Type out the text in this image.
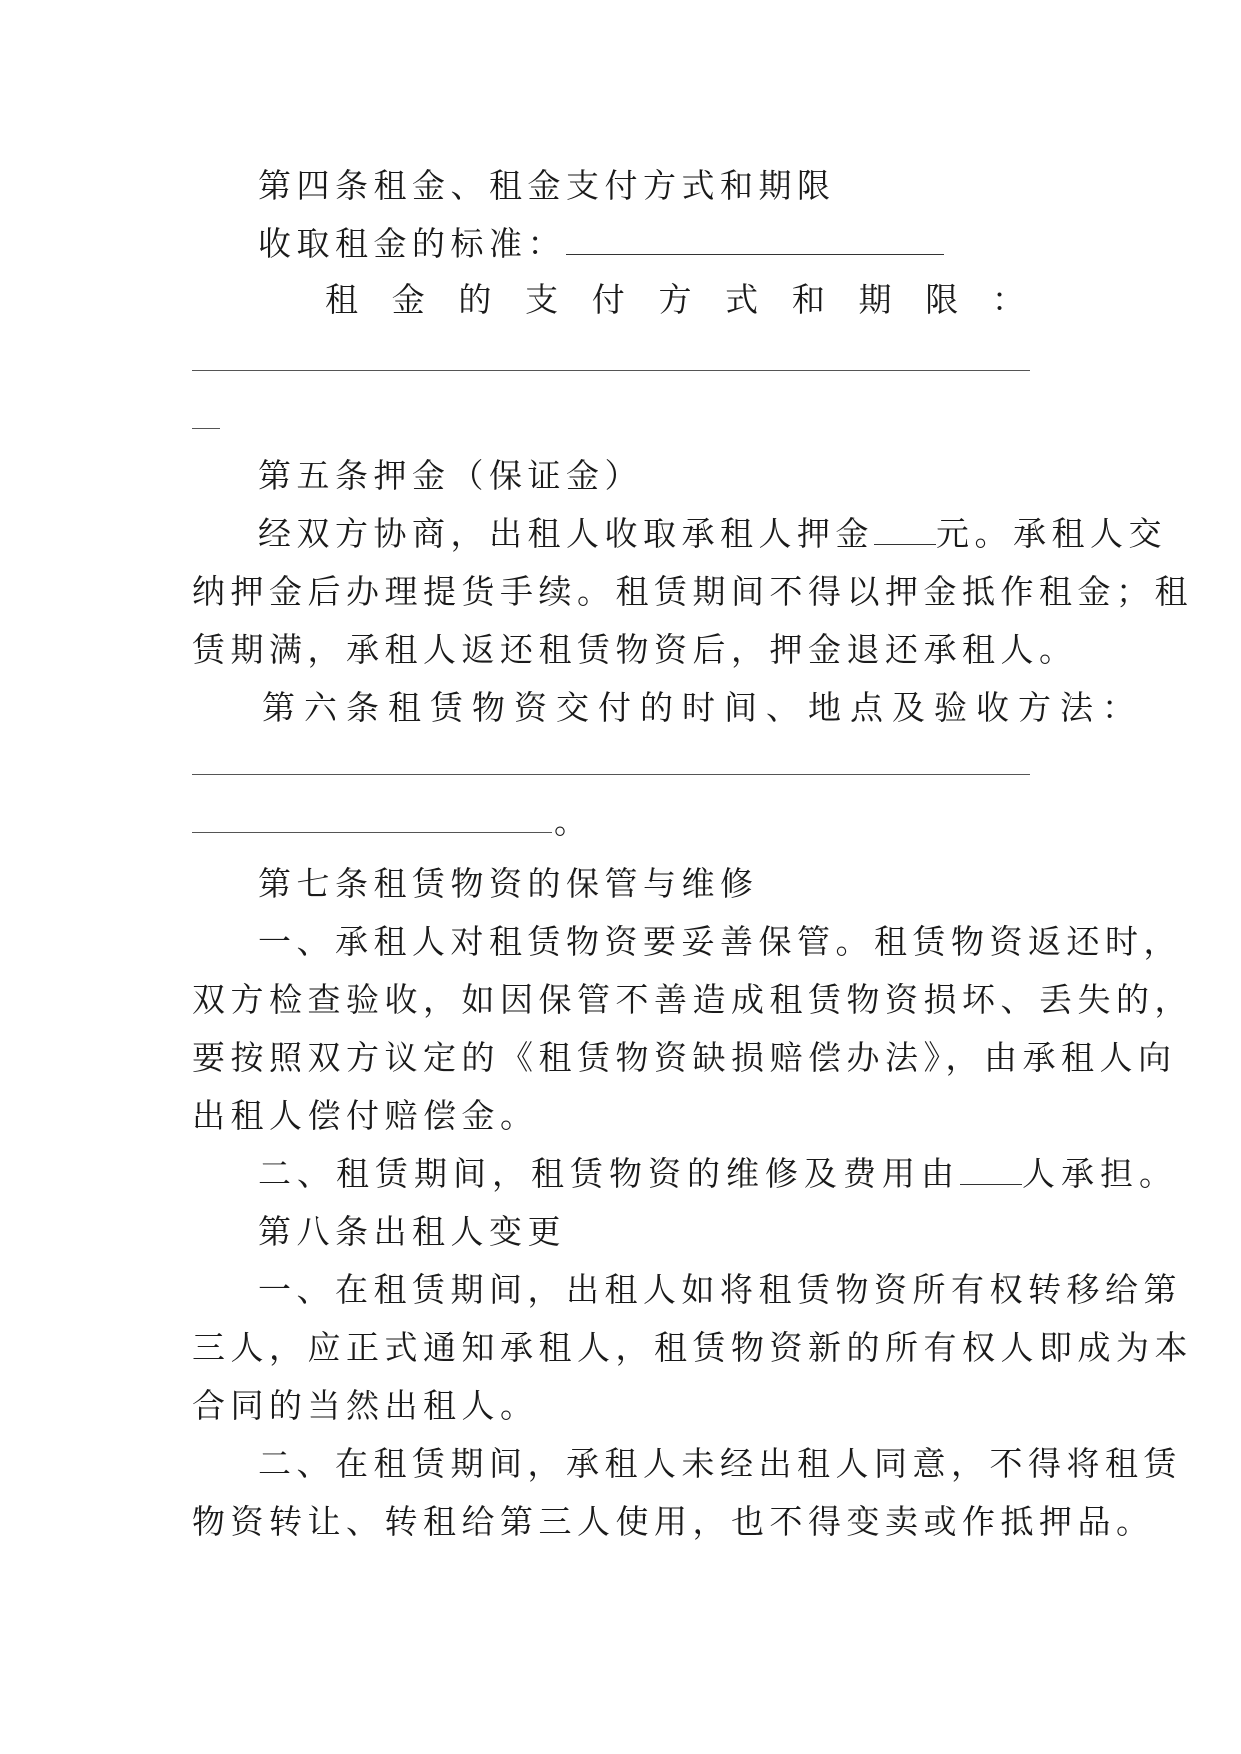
第四条租金、租金支付方式和期限
收取租金的标准：
租 金 的 支 付 方 式 和 期 限 ：
第五条押金（保证金）
经双方协商，出租人收取承租人押金 元。承租人交
纳押金后办理提货手续。租赁期间不得以押金抵作租金；租
赁期满，承租人返还租赁物资后，押金退还承租人。
第六条租赁物资交付的时间、地点及验收方法：
。
第七条租赁物资的保管与维修
一、承租人对租赁物资要妥善保管。租赁物资返还时，
双方检查验收，如因保管不善造成租赁物资损坏、丢失的，
要按照双方议定的《租赁物资缺损赔偿办法》，由承租人向
出租人偿付赔偿金。
二、租赁期间，租赁物资的维修及费用由 人承担。
第八条出租人变更
一、在租赁期间，出租人如将租赁物资所有权转移给第
三人，应正式通知承租人，租赁物资新的所有权人即成为本
合同的当然出租人。
二、在租赁期间，承租人未经出租人同意，不得将租赁
物资转让、转租给第三人使用，也不得变卖或作抵押品。
